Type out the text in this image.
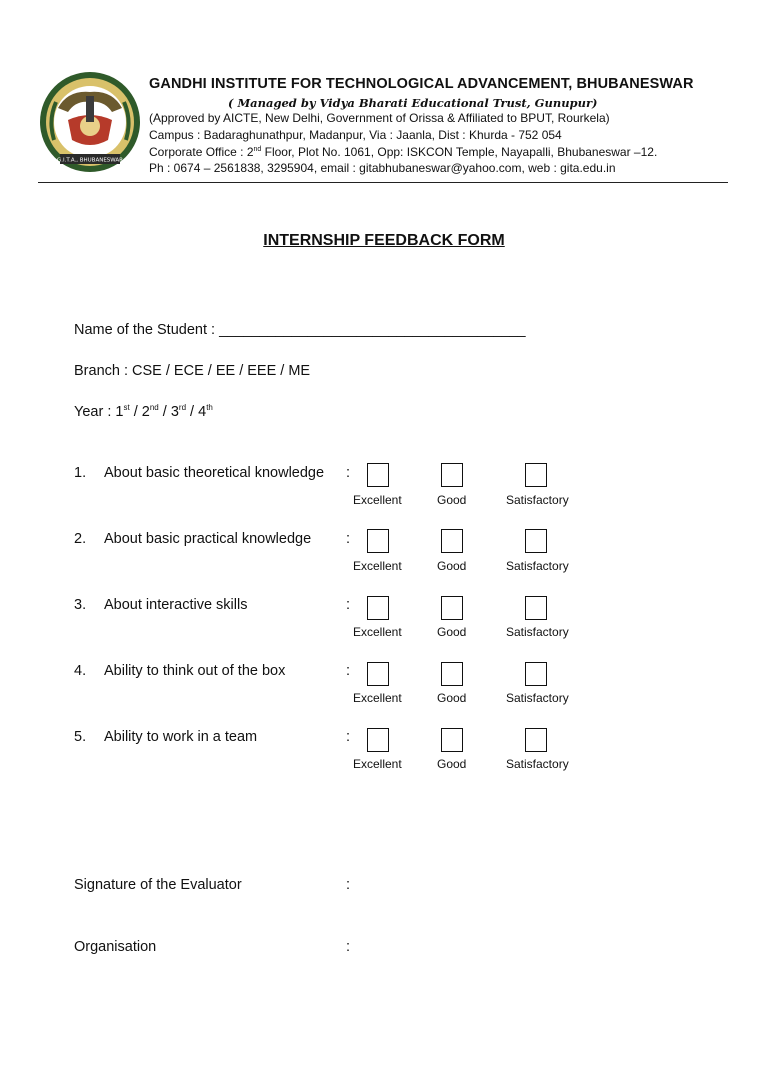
G.I.T.A., BHUBANESWAR
GANDHI INSTITUTE FOR TECHNOLOGICAL ADVANCEMENT, BHUBANESWAR
( Managed by Vidya Bharati Educational Trust, Gunupur)
(Approved by AICTE, New Delhi, Government of Orissa & Affiliated to BPUT, Rourkela)
Campus : Badaraghunathpur, Madanpur, Via : Jaanla, Dist : Khurda - 752 054
Corporate Office : 2nd Floor, Plot No. 1061, Opp: ISKCON Temple, Nayapalli, Bhubaneswar –12.
Ph : 0674 – 2561838, 3295904, email : gitabhubaneswar@yahoo.com, web : gita.edu.in
INTERNSHIP FEEDBACK FORM
Name of the Student : ______________________________________
Branch : CSE / ECE / EE / EEE / ME
Year : 1st / 2nd / 3rd / 4th
1. About basic theoretical knowledge :
Excellent	Good	Satisfactory
2. About basic practical knowledge :
Excellent	Good	Satisfactory
3. About interactive skills	:
Excellent	Good	Satisfactory
4. Ability to think out of the box	:
Excellent	Good	Satisfactory
5. Ability to work in a team	:
Excellent	Good	Satisfactory
Signature of the Evaluator	:
Organisation	:
